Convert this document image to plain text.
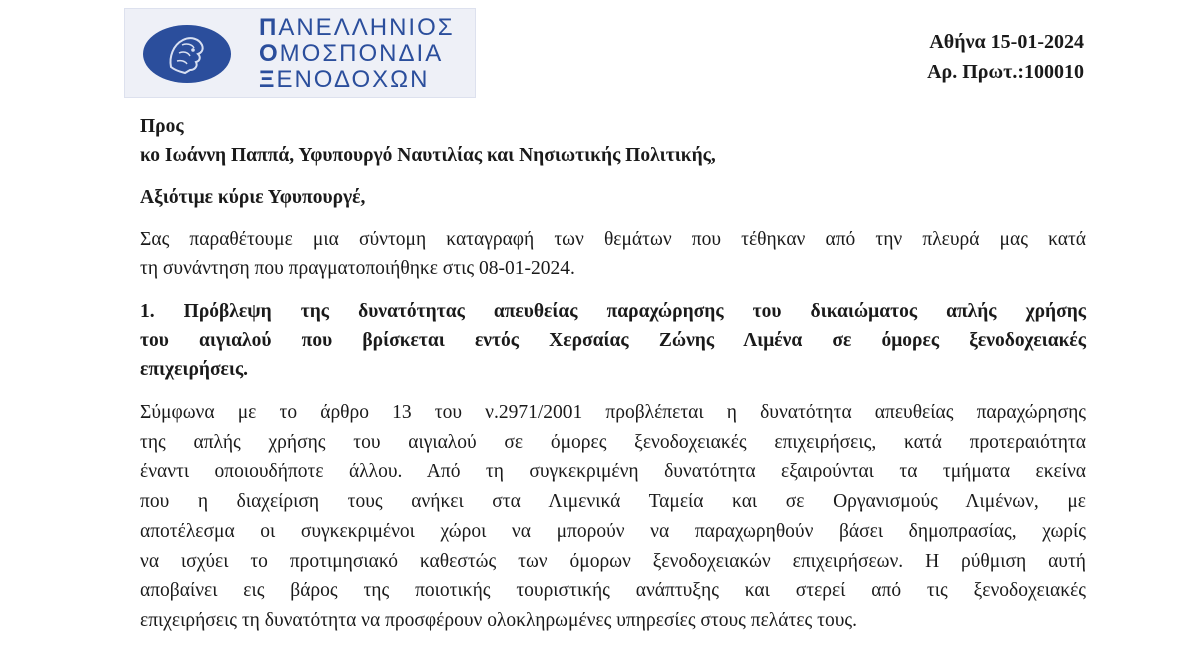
ΠΑΝΕΛΛΗΝΙΟΣ
ΟΜΟΣΠΟΝΔΙΑ
ΞΕΝΟΔΟΧΩΝ
Αθήνα 15-01-2024
Αρ. Πρωτ.:100010
Προς
κο Ιωάννη Παππά, Υφυπουργό Ναυτιλίας και Νησιωτικής Πολιτικής,
Αξιότιμε κύριε Υφυπουργέ,
Σας παραθέτουμε μια σύντομη καταγραφή των θεμάτων που τέθηκαν από την πλευρά μας κατά
τη συνάντηση που πραγματοποιήθηκε στις 08-01-2024.
1. Πρόβλεψη της δυνατότητας απευθείας παραχώρησης του δικαιώματος απλής χρήσης
του αιγιαλού που βρίσκεται εντός Χερσαίας Ζώνης Λιμένα σε όμορες ξενοδοχειακές
επιχειρήσεις.
Σύμφωνα με το άρθρο 13 του ν.2971/2001 προβλέπεται η δυνατότητα απευθείας παραχώρησης
της απλής χρήσης του αιγιαλού σε όμορες ξενοδοχειακές επιχειρήσεις, κατά προτεραιότητα
έναντι οποιουδήποτε άλλου. Από τη συγκεκριμένη δυνατότητα εξαιρούνται τα τμήματα εκείνα
που η διαχείριση τους ανήκει στα Λιμενικά Ταμεία και σε Οργανισμούς Λιμένων, με
αποτέλεσμα οι συγκεκριμένοι χώροι να μπορούν να παραχωρηθούν βάσει δημοπρασίας, χωρίς
να ισχύει το προτιμησιακό καθεστώς των όμορων ξενοδοχειακών επιχειρήσεων. Η ρύθμιση αυτή
αποβαίνει εις βάρος της ποιοτικής τουριστικής ανάπτυξης και στερεί από τις ξενοδοχειακές
επιχειρήσεις τη δυνατότητα να προσφέρουν ολοκληρωμένες υπηρεσίες στους πελάτες τους.
